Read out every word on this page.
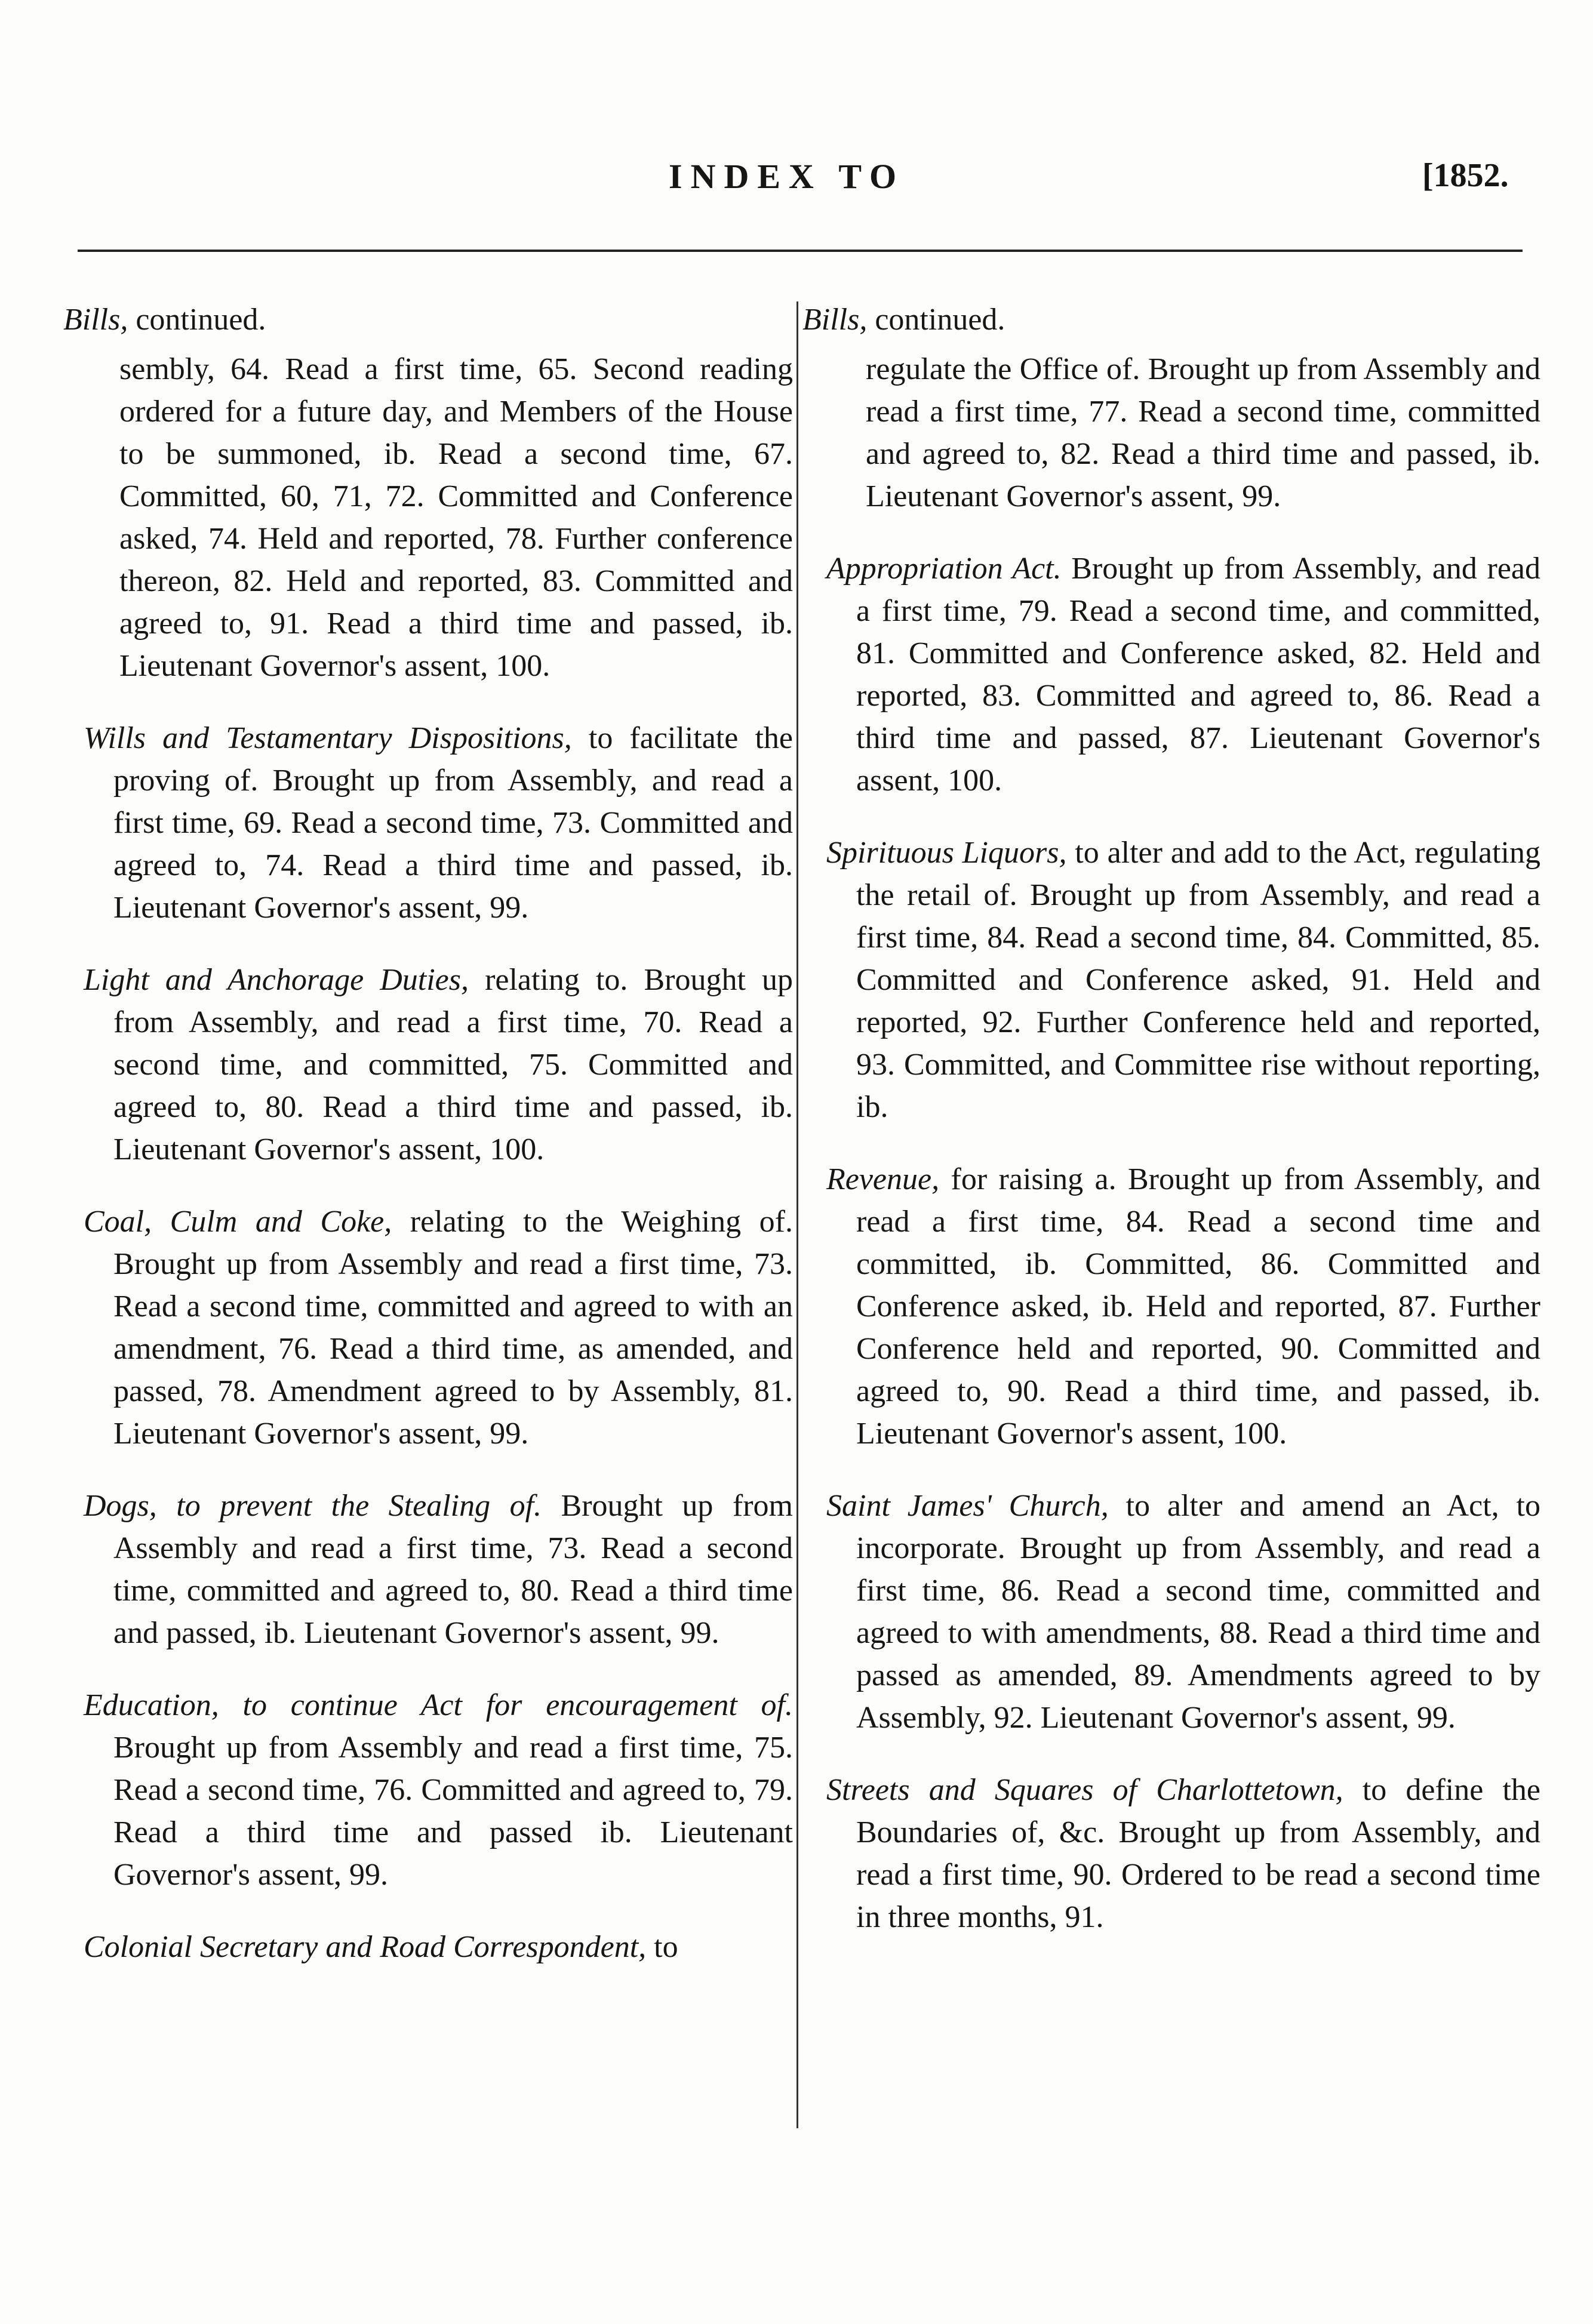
INDEX TO	[1852.
Bills, continued.
sembly, 64. Read a first time, 65. Second reading ordered for a future day, and Members of the House to be summoned, ib. Read a second time, 67. Committed, 60, 71, 72. Committed and Conference asked, 74. Held and reported, 78. Further conference thereon, 82. Held and reported, 83. Committed and agreed to, 91. Read a third time and passed, ib. Lieutenant Governor's assent, 100.
Wills and Testamentary Dispositions, to facilitate the proving of. Brought up from Assembly, and read a first time, 69. Read a second time, 73. Committed and agreed to, 74. Read a third time and passed, ib. Lieutenant Governor's assent, 99.
Light and Anchorage Duties, relating to. Brought up from Assembly, and read a first time, 70. Read a second time, and committed, 75. Committed and agreed to, 80. Read a third time and passed, ib. Lieutenant Governor's assent, 100.
Coal, Culm and Coke, relating to the Weighing of. Brought up from Assembly and read a first time, 73. Read a second time, committed and agreed to with an amendment, 76. Read a third time, as amended, and passed, 78. Amendment agreed to by Assembly, 81. Lieutenant Governor's assent, 99.
Dogs, to prevent the Stealing of. Brought up from Assembly and read a first time, 73. Read a second time, committed and agreed to, 80. Read a third time and passed, ib. Lieutenant Governor's assent, 99.
Education, to continue Act for encouragement of. Brought up from Assembly and read a first time, 75. Read a second time, 76. Committed and agreed to, 79. Read a third time and passed ib. Lieutenant Governor's assent, 99.
Colonial Secretary and Road Correspondent, to
Bills, continued.
regulate the Office of. Brought up from Assembly and read a first time, 77. Read a second time, committed and agreed to, 82. Read a third time and passed, ib. Lieutenant Governor's assent, 99.
Appropriation Act. Brought up from Assembly, and read a first time, 79. Read a second time, and committed, 81. Committed and Conference asked, 82. Held and reported, 83. Committed and agreed to, 86. Read a third time and passed, 87. Lieutenant Governor's assent, 100.
Spirituous Liquors, to alter and add to the Act, regulating the retail of. Brought up from Assembly, and read a first time, 84. Read a second time, 84. Committed, 85. Committed and Conference asked, 91. Held and reported, 92. Further Conference held and reported, 93. Committed, and Committee rise without reporting, ib.
Revenue, for raising a. Brought up from Assembly, and read a first time, 84. Read a second time and committed, ib. Committed, 86. Committed and Conference asked, ib. Held and reported, 87. Further Conference held and reported, 90. Committed and agreed to, 90. Read a third time, and passed, ib. Lieutenant Governor's assent, 100.
Saint James' Church, to alter and amend an Act, to incorporate. Brought up from Assembly, and read a first time, 86. Read a second time, committed and agreed to with amendments, 88. Read a third time and passed as amended, 89. Amendments agreed to by Assembly, 92. Lieutenant Governor's assent, 99.
Streets and Squares of Charlottetown, to define the Boundaries of, &c. Brought up from Assembly, and read a first time, 90. Ordered to be read a second time in three months, 91.
